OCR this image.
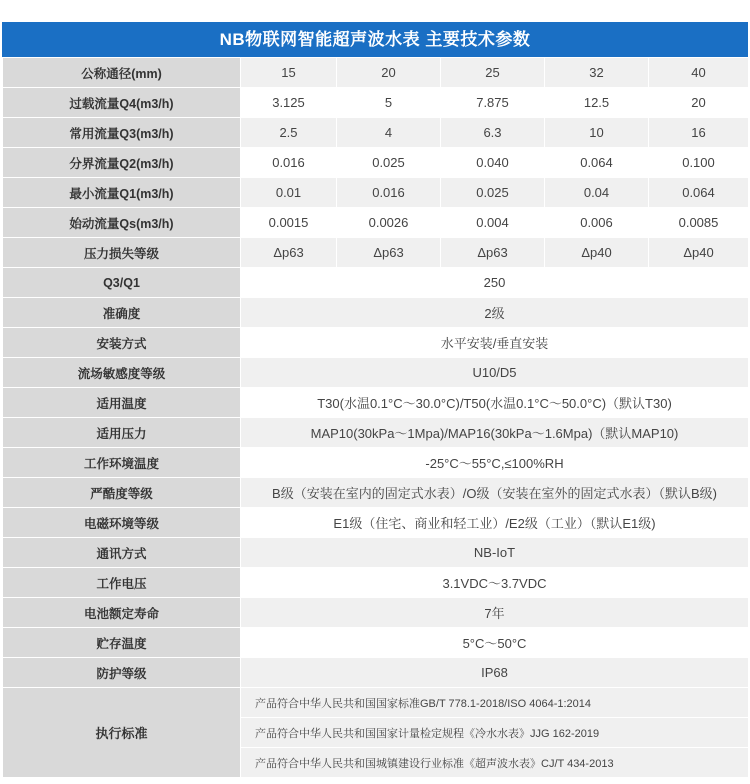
NB物联网智能超声波水表 主要技术参数
公称通径(mm)	15	20	25	32	40
过载流量Q4(m3/h)	3.125	5	7.875	12.5	20
常用流量Q3(m3/h)	2.5	4	6.3	10	16
分界流量Q2(m3/h)	0.016	0.025	0.040	0.064	0.100
最小流量Q1(m3/h)	0.01	0.016	0.025	0.04	0.064
始动流量Qs(m3/h)	0.0015	0.0026	0.004	0.006	0.0085
压力损失等级	Δp63	Δp63	Δp63	Δp40	Δp40
Q3/Q1	250				
准确度	2级				
安装方式	水平安装/垂直安装				
流场敏感度等级	U10/D5				
适用温度	T30(水温0.1°C～30.0°C)/T50(水温0.1°C～50.0°C)（默认T30)				
适用压力	MAP10(30kPa～1Mpa)/MAP16(30kPa～1.6Mpa)（默认MAP10)				
工作环境温度	-25°C～55°C,≤100%RH				
严酷度等级	B级（安装在室内的固定式水表）/O级（安装在室外的固定式水表）（默认B级)				
电磁环境等级	E1级（住宅、商业和轻工业）/E2级（工业）（默认E1级)				
通讯方式	NB-IoT				
工作电压	3.1VDC～3.7VDC				
电池额定寿命	7年				
贮存温度	5°C～50°C				
防护等级	IP68				
执行标准	产品符合中华人民共和国国家标准GB/T 778.1-2018/ISO 4064-1:2014				
	产品符合中华人民共和国国家计量检定规程《冷水水表》JJG 162-2019				
	产品符合中华人民共和国城镇建设行业标准《超声波水表》CJ/T 434-2013				
